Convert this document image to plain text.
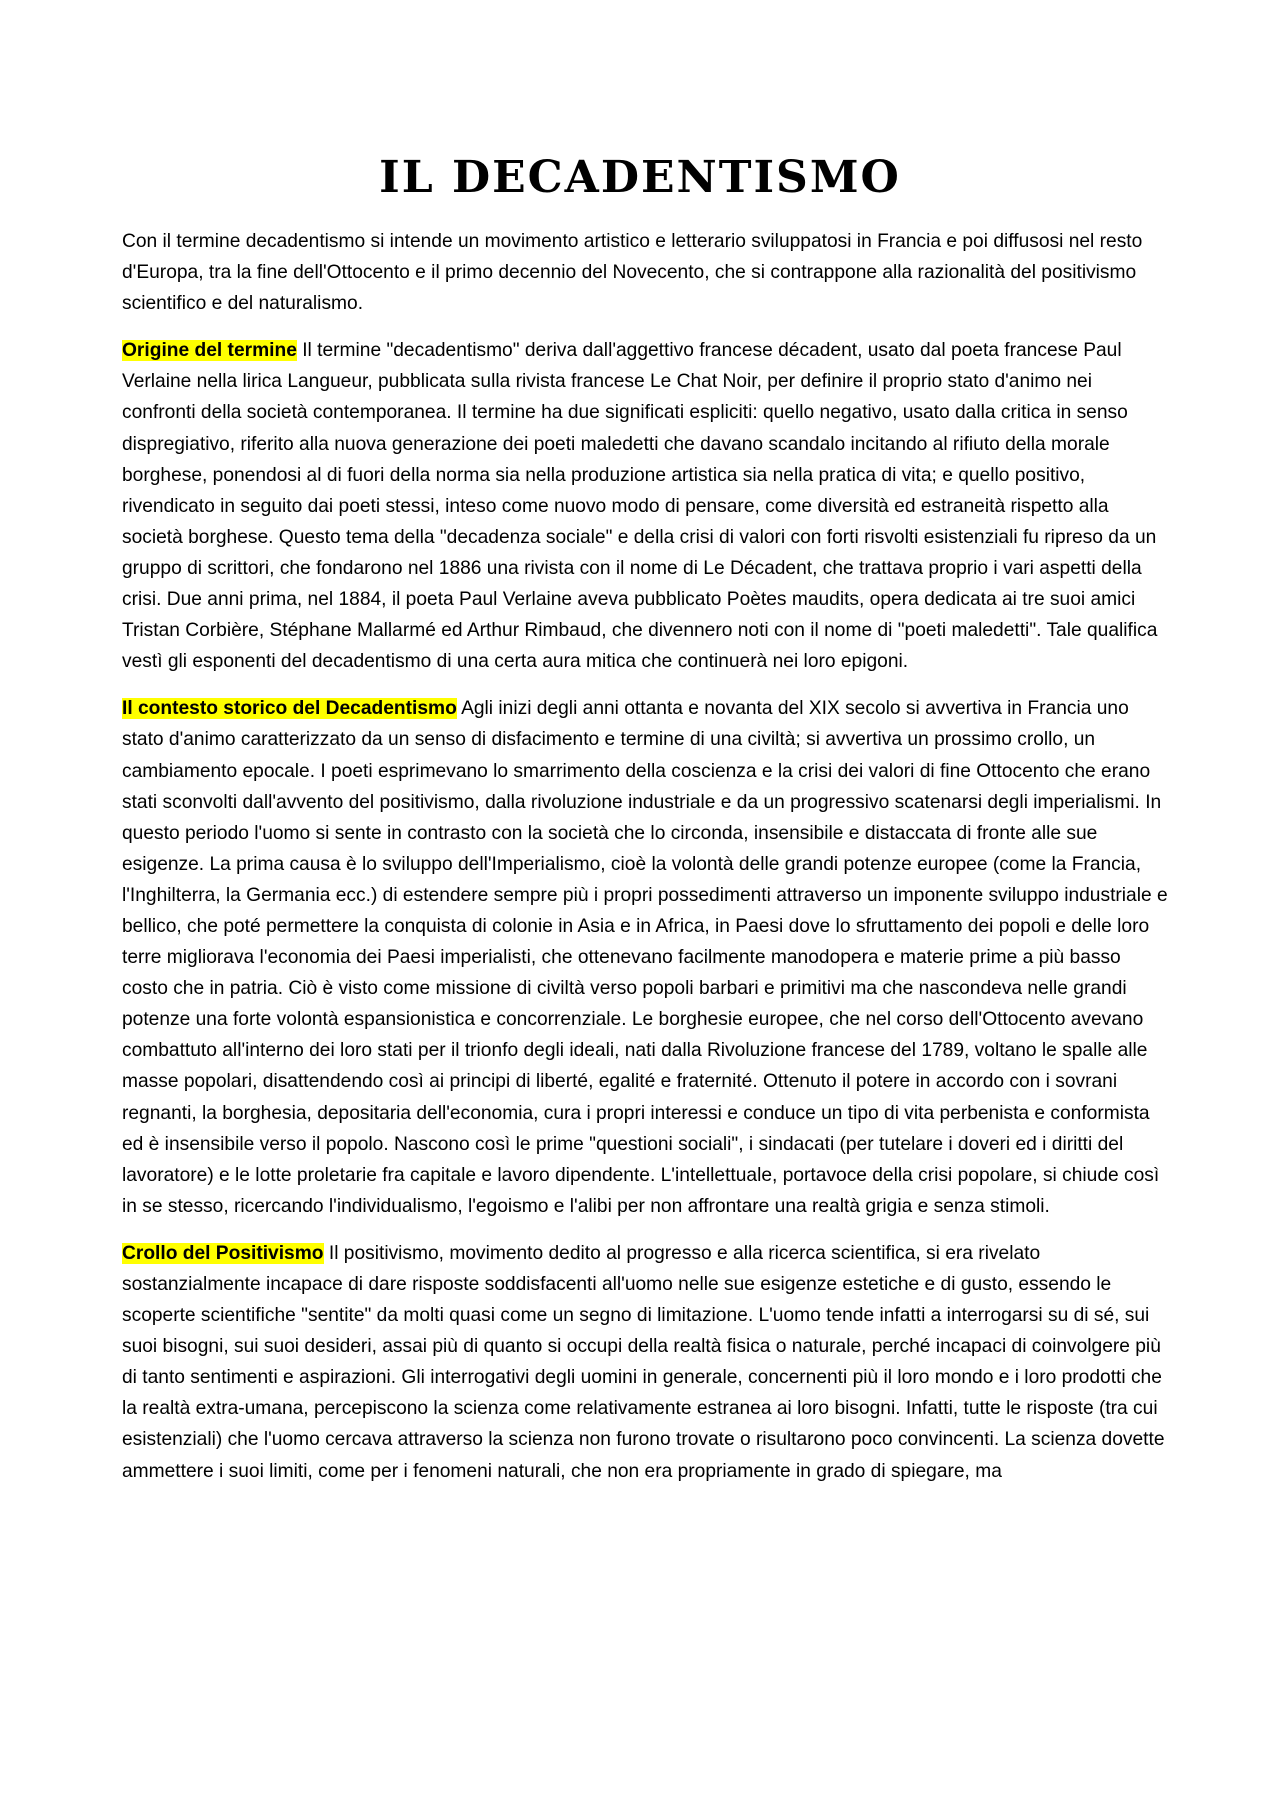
IL DECADENTISMO

Con il termine decadentismo si intende un movimento artistico e letterario sviluppatosi in Francia e poi diffusosi nel resto d'Europa, tra la fine dell'Ottocento e il primo decennio del Novecento, che si contrappone alla razionalità del positivismo scientifico e del naturalismo.

Origine del termine Il termine "decadentismo" deriva dall'aggettivo francese décadent, usato dal poeta francese Paul Verlaine nella lirica Langueur, pubblicata sulla rivista francese Le Chat Noir, per definire il proprio stato d'animo nei confronti della società contemporanea. Il termine ha due significati espliciti: quello negativo, usato dalla critica in senso dispregiativo, riferito alla nuova generazione dei poeti maledetti che davano scandalo incitando al rifiuto della morale borghese, ponendosi al di fuori della norma sia nella produzione artistica sia nella pratica di vita; e quello positivo, rivendicato in seguito dai poeti stessi, inteso come nuovo modo di pensare, come diversità ed estraneità rispetto alla società borghese. Questo tema della "decadenza sociale" e della crisi di valori con forti risvolti esistenziali fu ripreso da un gruppo di scrittori, che fondarono nel 1886 una rivista con il nome di Le Décadent, che trattava proprio i vari aspetti della crisi. Due anni prima, nel 1884, il poeta Paul Verlaine aveva pubblicato Poètes maudits, opera dedicata ai tre suoi amici Tristan Corbière, Stéphane Mallarmé ed Arthur Rimbaud, che divennero noti con il nome di "poeti maledetti". Tale qualifica vestì gli esponenti del decadentismo di una certa aura mitica che continuerà nei loro epigoni.

Il contesto storico del Decadentismo Agli inizi degli anni ottanta e novanta del XIX secolo si avvertiva in Francia uno stato d'animo caratterizzato da un senso di disfacimento e termine di una civiltà; si avvertiva un prossimo crollo, un cambiamento epocale. I poeti esprimevano lo smarrimento della coscienza e la crisi dei valori di fine Ottocento che erano stati sconvolti dall'avvento del positivismo, dalla rivoluzione industriale e da un progressivo scatenarsi degli imperialismi. In questo periodo l'uomo si sente in contrasto con la società che lo circonda, insensibile e distaccata di fronte alle sue esigenze. La prima causa è lo sviluppo dell'Imperialismo, cioè la volontà delle grandi potenze europee (come la Francia, l'Inghilterra, la Germania ecc.) di estendere sempre più i propri possedimenti attraverso un imponente sviluppo industriale e bellico, che poté permettere la conquista di colonie in Asia e in Africa, in Paesi dove lo sfruttamento dei popoli e delle loro terre migliorava l'economia dei Paesi imperialisti, che ottenevano facilmente manodopera e materie prime a più basso costo che in patria. Ciò è visto come missione di civiltà verso popoli barbari e primitivi ma che nascondeva nelle grandi potenze una forte volontà espansionistica e concorrenziale. Le borghesie europee, che nel corso dell'Ottocento avevano combattuto all'interno dei loro stati per il trionfo degli ideali, nati dalla Rivoluzione francese del 1789, voltano le spalle alle masse popolari, disattendendo così ai principi di liberté, egalité e fraternité. Ottenuto il potere in accordo con i sovrani regnanti, la borghesia, depositaria dell'economia, cura i propri interessi e conduce un tipo di vita perbenista e conformista ed è insensibile verso il popolo. Nascono così le prime "questioni sociali", i sindacati (per tutelare i doveri ed i diritti del lavoratore) e le lotte proletarie fra capitale e lavoro dipendente. L'intellettuale, portavoce della crisi popolare, si chiude così in se stesso, ricercando l'individualismo, l'egoismo e l'alibi per non affrontare una realtà grigia e senza stimoli.

Crollo del Positivismo Il positivismo, movimento dedito al progresso e alla ricerca scientifica, si era rivelato sostanzialmente incapace di dare risposte soddisfacenti all'uomo nelle sue esigenze estetiche e di gusto, essendo le scoperte scientifiche "sentite" da molti quasi come un segno di limitazione. L'uomo tende infatti a interrogarsi su di sé, sui suoi bisogni, sui suoi desideri, assai più di quanto si occupi della realtà fisica o naturale, perché incapaci di coinvolgere più di tanto sentimenti e aspirazioni. Gli interrogativi degli uomini in generale, concernenti più il loro mondo e i loro prodotti che la realtà extra-umana, percepiscono la scienza come relativamente estranea ai loro bisogni. Infatti, tutte le risposte (tra cui esistenziali) che l'uomo cercava attraverso la scienza non furono trovate o risultarono poco convincenti. La scienza dovette ammettere i suoi limiti, come per i fenomeni naturali, che non era propriamente in grado di spiegare, ma
